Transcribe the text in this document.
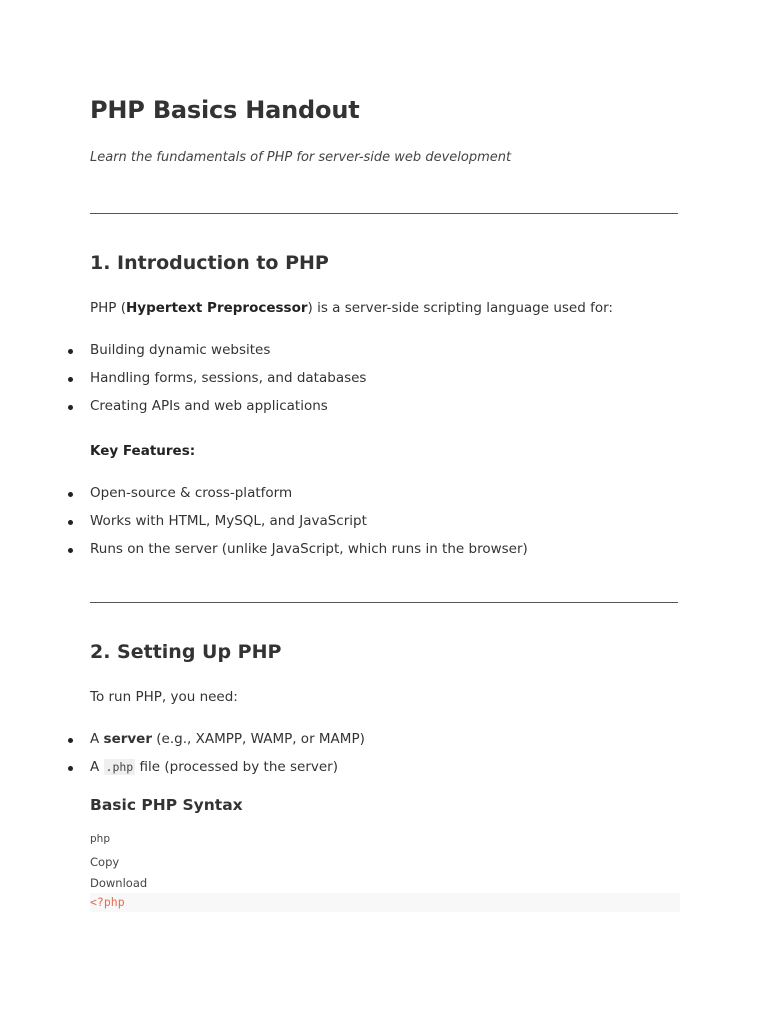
PHP Basics Handout

Learn the fundamentals of PHP for server-side web development

1. Introduction to PHP

PHP (Hypertext Preprocessor) is a server-side scripting language used for:

Building dynamic websites
Handling forms, sessions, and databases
Creating APIs and web applications

Key Features:

Open-source & cross-platform
Works with HTML, MySQL, and JavaScript
Runs on the server (unlike JavaScript, which runs in the browser)
2. Setting Up PHP

To run PHP, you need:

A server (e.g., XAMPP, WAMP, or MAMP)
A .php file (processed by the server)
Basic PHP Syntax
php
Copy
Download
<?php
